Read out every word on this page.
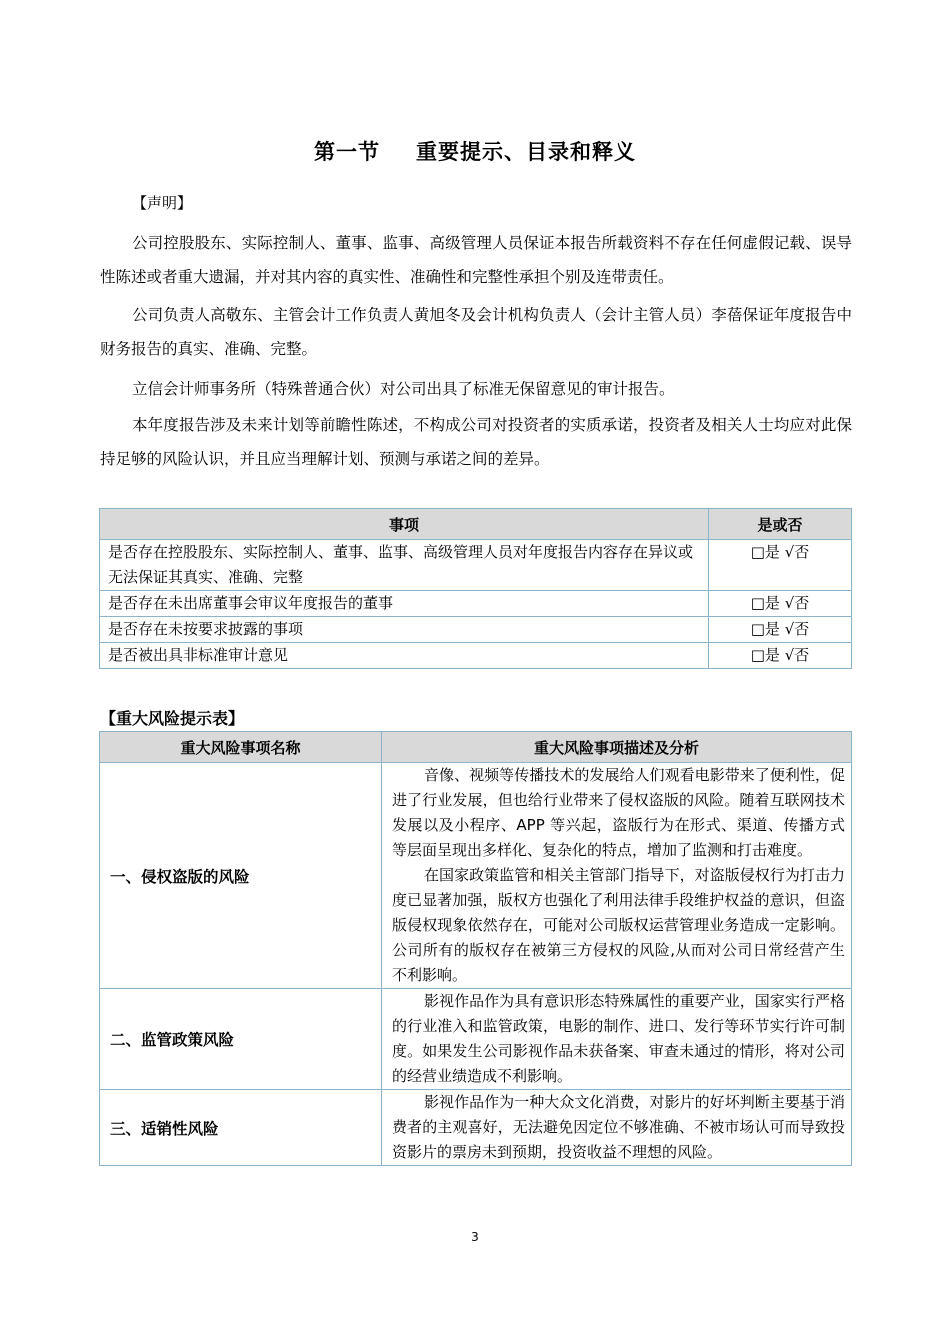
第一节 重要提示、目录和释义
【声明】
公司控股股东、实际控制人、董事、监事、高级管理人员保证本报告所载资料不存在任何虚假记载、误导性陈述或者重大遗漏，并对其内容的真实性、准确性和完整性承担个别及连带责任。
公司负责人高敬东、主管会计工作负责人黄旭冬及会计机构负责人（会计主管人员）李蓓保证年度报告中财务报告的真实、准确、完整。
立信会计师事务所（特殊普通合伙）对公司出具了标准无保留意见的审计报告。
本年度报告涉及未来计划等前瞻性陈述，不构成公司对投资者的实质承诺，投资者及相关人士均应对此保持足够的风险认识，并且应当理解计划、预测与承诺之间的差异。
事项	是或否
是否存在控股股东、实际控制人、董事、监事、高级管理人员对年度报告内容存在异议或无法保证其真实、准确、完整	□是 √否
是否存在未出席董事会审议年度报告的董事	□是 √否
是否存在未按要求披露的事项	□是 √否
是否被出具非标准审计意见	□是 √否
【重大风险提示表】
重大风险事项名称	重大风险事项描述及分析
一、侵权盗版的风险	音像、视频等传播技术的发展给人们观看电影带来了便利性，促进了行业发展，但也给行业带来了侵权盗版的风险。随着互联网技术发展以及小程序、APP 等兴起，盗版行为在形式、渠道、传播方式等层面呈现出多样化、复杂化的特点，增加了监测和打击难度。

在国家政策监管和相关主管部门指导下，对盗版侵权行为打击力度已显著加强，版权方也强化了利用法律手段维护权益的意识，但盗版侵权现象依然存在，可能对公司版权运营管理业务造成一定影响。公司所有的版权存在被第三方侵权的风险,从而对公司日常经营产生不利影响。

二、监管政策风险	影视作品作为具有意识形态特殊属性的重要产业，国家实行严格的行业准入和监管政策，电影的制作、进口、发行等环节实行许可制度。如果发生公司影视作品未获备案、审查未通过的情形，将对公司的经营业绩造成不利影响。

三、适销性风险	影视作品作为一种大众文化消费，对影片的好坏判断主要基于消费者的主观喜好，无法避免因定位不够准确、不被市场认可而导致投资影片的票房未到预期，投资收益不理想的风险。

3
